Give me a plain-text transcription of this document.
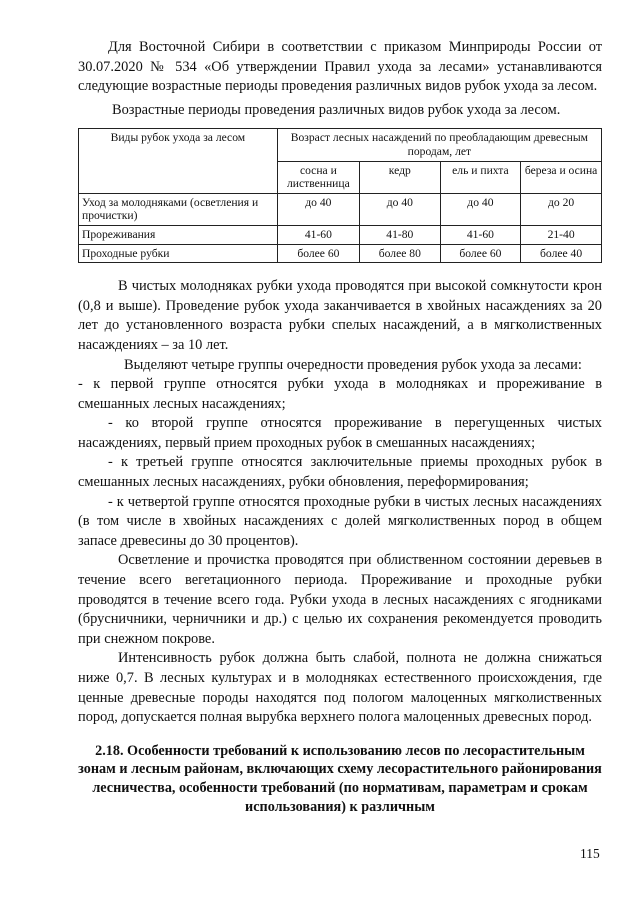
Для Восточной Сибири в соответствии с приказом Минприроды России от 30.07.2020 № 534 «Об утверждении Правил ухода за лесами» устанавливаются следующие возрастные периоды проведения различных видов рубок ухода за лесом.

Возрастные периоды проведения различных видов рубок ухода за лесом.

Виды рубок ухода за лесом	Возраст лесных насаждений по преобладающим древесным породам, лет			
	сосна и лиственница	кедр	ель и пихта	береза и осина
Уход за молодняками (осветления и прочистки)	до 40	до 40	до 40	до 20
Прореживания	41-60	41-80	41-60	21-40
Проходные рубки	более 60	более 80	более 60	более 40

В чистых молодняках рубки ухода проводятся при высокой сомкнутости крон (0,8 и выше). Проведение рубок ухода заканчивается в хвойных насаждениях за 20 лет до установленного возраста рубки спелых насаждений, а в мягколиственных насаждениях – за 10 лет.

Выделяют четыре группы очередности проведения рубок ухода за лесами:

- к первой группе относятся рубки ухода в молодняках и прореживание в смешанных лесных насаждениях;

- ко второй группе относятся прореживание в перегущенных чистых насаждениях, первый прием проходных рубок в смешанных насаждениях;

- к третьей группе относятся заключительные приемы проходных рубок в смешанных лесных насаждениях, рубки обновления, переформирования;

- к четвертой группе относятся проходные рубки в чистых лесных насаждениях (в том числе в хвойных насаждениях с долей мягколиственных пород в общем запасе древесины до 30 процентов).

Осветление и прочистка проводятся при облиственном состоянии деревьев в течение всего вегетационного периода. Прореживание и проходные рубки проводятся в течение всего года. Рубки ухода в лесных насаждениях с ягодниками (брусничники, черничники и др.) с целью их сохранения рекомендуется проводить при снежном покрове.

Интенсивность рубок должна быть слабой, полнота не должна снижаться ниже 0,7. В лесных культурах и в молодняках естественного происхождения, где ценные древесные породы находятся под пологом малоценных мягколиственных пород, допускается полная вырубка верхнего полога малоценных древесных пород.

2.18. Особенности требований к использованию лесов по лесорастительным зонам и лесным районам, включающих схему лесорастительного районирования лесничества, особенности требований (по нормативам, параметрам и срокам использования) к различным

115
